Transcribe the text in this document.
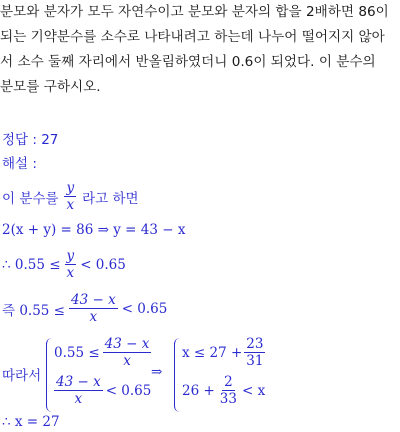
분모와 분자가 모두 자연수이고 분모와 분자의 합을 2배하면 86이
되는 기약분수를 소수로 나타내려고 하는데 나누어 떨어지지 않아
서 소수 둘째 자리에서 반올림하였더니 0.6이 되었다. 이 분수의
분모를 구하시오.
정답 : 27
해설 :
이 분수를 $\frac{y}{x}$ 라고 하면
2(x + y) = 86 ⇒ y = 43 − x
∴ $0.55 \le \frac{y}{x} < 0.65$
즉 $0.55 \le \frac{43 - x}{x} < 0.65$
따라서
$0.55 \le \frac{43 - x}{x}$
$\frac{43 - x}{x} < 0.65$
⇒
$x \le 27 + \frac{23}{31}$
$26 + \frac{2}{33} < x$
∴ x = 27
